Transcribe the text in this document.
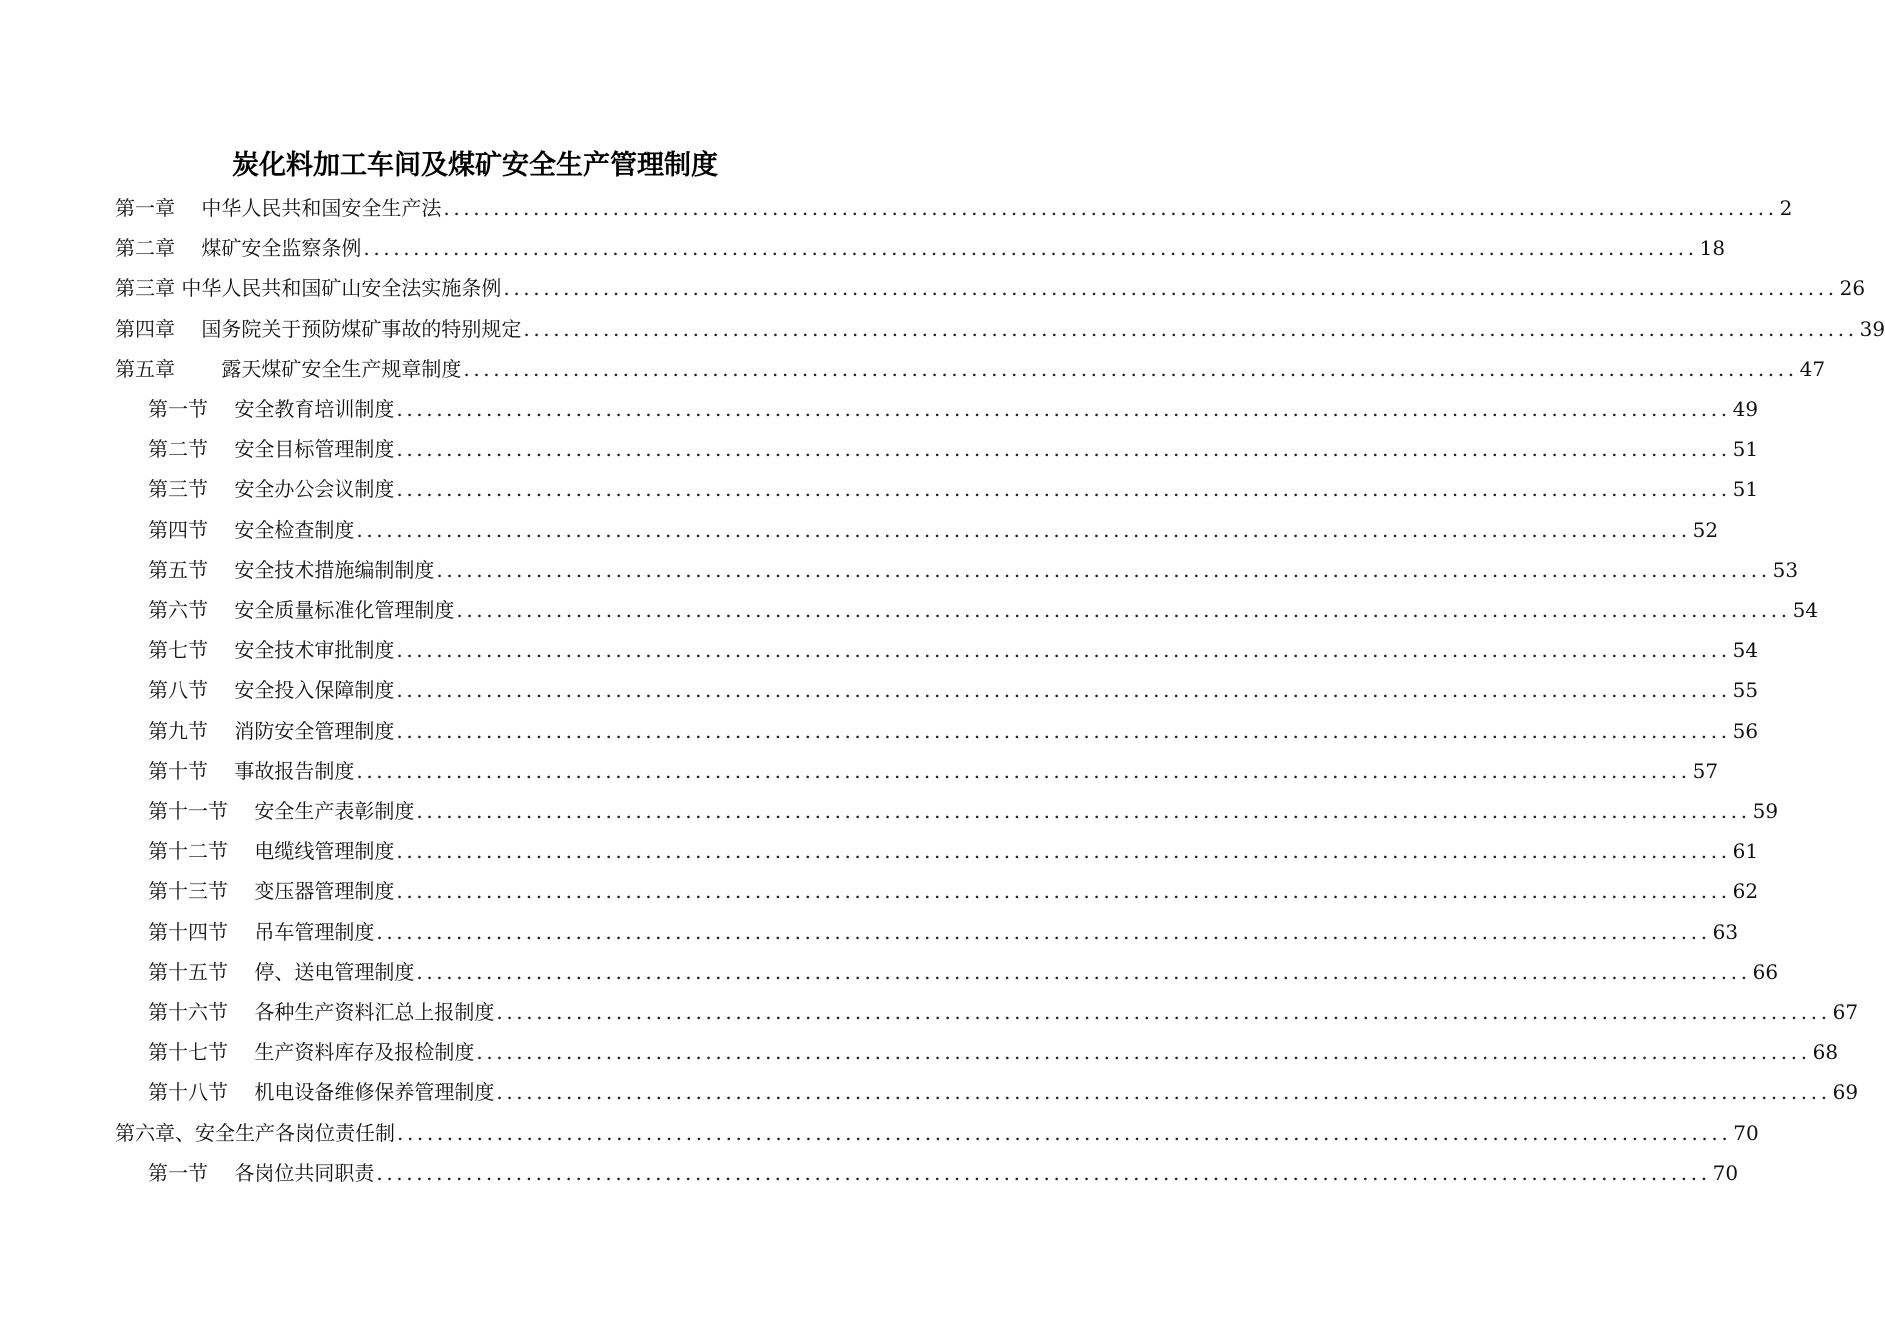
炭化料加工车间及煤矿安全生产管理制度
第一章　 中华人民共和国安全生产法 ...................................................................................................................................... 2
第二章　 煤矿安全监察条例 ...................................................................................................................................... 18
第三章 中华人民共和国矿山安全法实施条例 ...................................................................................................................................... 26
第四章　 国务院关于预防煤矿事故的特别规定 ...................................................................................................................................... 39
第五章　　 露天煤矿安全生产规章制度 ...................................................................................................................................... 47
第一节　 安全教育培训制度 ...................................................................................................................................... 49
第二节　 安全目标管理制度 ...................................................................................................................................... 51
第三节　 安全办公会议制度 ...................................................................................................................................... 51
第四节　 安全检查制度 ...................................................................................................................................... 52
第五节　 安全技术措施编制制度 ...................................................................................................................................... 53
第六节　 安全质量标准化管理制度 ...................................................................................................................................... 54
第七节　 安全技术审批制度 ...................................................................................................................................... 54
第八节　 安全投入保障制度 ...................................................................................................................................... 55
第九节　 消防安全管理制度 ...................................................................................................................................... 56
第十节　 事故报告制度 ...................................................................................................................................... 57
第十一节　 安全生产表彰制度 ...................................................................................................................................... 59
第十二节　 电缆线管理制度 ...................................................................................................................................... 61
第十三节　 变压器管理制度 ...................................................................................................................................... 62
第十四节　 吊车管理制度 ...................................................................................................................................... 63
第十五节　 停、送电管理制度 ...................................................................................................................................... 66
第十六节　 各种生产资料汇总上报制度 ...................................................................................................................................... 67
第十七节　 生产资料库存及报检制度 ...................................................................................................................................... 68
第十八节　 机电设备维修保养管理制度 ...................................................................................................................................... 69
第六章、安全生产各岗位责任制 ...................................................................................................................................... 70
第一节　 各岗位共同职责 ...................................................................................................................................... 70
